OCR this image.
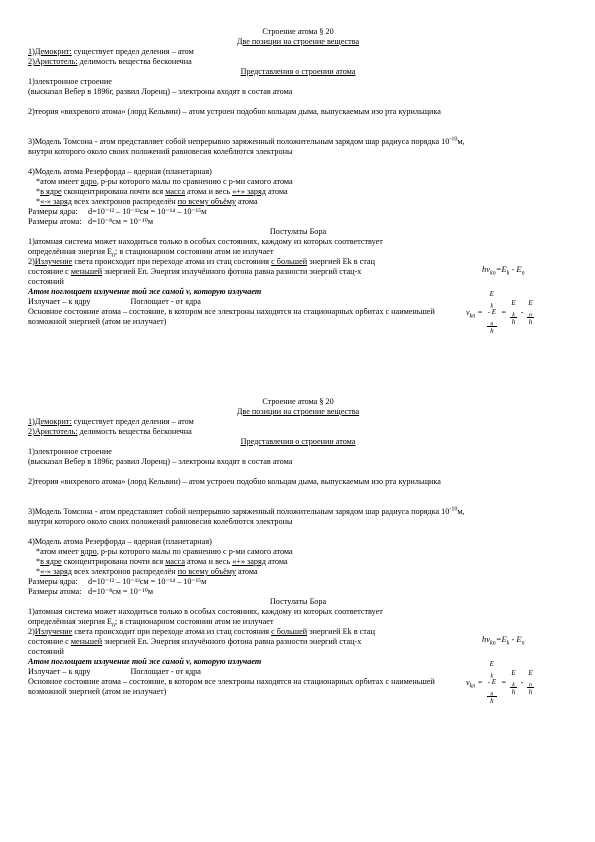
Строение атома § 20
Две позиции на строение вещества
1)Демокрит: существует предел деления – атом
2)Аристотель: делимость вещества бесконечна
Представления о строении атома
1)электронное строение
(высказал Вебер в 1896г, развил Лоренц) – электроны входят в состав атома
2)теория «вихревого атома» (лорд Кельвин) – атом устроен подобно кольцам дыма, выпускаемым изо рта курильщика
3)Модель Томсона - атом представляет собой непрерывно заряженный положительным зарядом шар радиуса порядка $10^{-10}м$,
внутри которого около своих положений равновесия колеблются электроны
4)Модель атома Резерфорда – ядерная (планетарная)
*атом имеет ядро, р-ры которого малы по сравнению с р-ми самого атома
*в ядре сконцентрирована почти вся масса атома и весь «+» заряд атома
*«-» заряд всех электронов распределён по всему объёму атома
Размеры ядра: d=10⁻¹² – 10⁻¹³см = 10⁻¹⁴ – 10⁻¹⁵м
Размеры атома: d=10⁻⁸см = 10⁻¹⁰м
Постулаты Бора
1)атомная система может находиться только в особых состояниях, каждому из которых соответствует
определённая энергия $E_n$; в стационарном состоянии атом не излучает
2)Излучение света происходит при переходе атома из стац состояния с большей энергией Ek в стац
состояние с меньшей энергией En. Энергия излучённого фотона равна разности энергий стац-х
состояний
Атом поглощает излучение той же самой ν, которую излучает
Излучает – к ядру	Поглощает - от ядра
Основное состояние атома – состояние, в котором все электроны находятся на стационарных орбитах с наименьшей
возможной энергией (атом не излучает)
$h\nu_{kn}=E_k - E_n$
$\nu_{kn} = E$
$_k$
- E
$_n$
h = E
$_k$
h - E
$_n$
h
Строение атома § 20
Две позиции на строение вещества
1)Демокрит: существует предел деления – атом
2)Аристотель: делимость вещества бесконечна
Представления о строении атома
1)электронное строение
(высказал Вебер в 1896г, развил Лоренц) – электроны входят в состав атома
2)теория «вихревого атома» (лорд Кельвин) – атом устроен подобно кольцам дыма, выпускаемым изо рта курильщика
3)Модель Томсона - атом представляет собой непрерывно заряженный положительным зарядом шар радиуса порядка $10^{-10}м$,
внутри которого около своих положений равновесия колеблются электроны
4)Модель атома Резерфорда – ядерная (планетарная)
*атом имеет ядро, р-ры которого малы по сравнению с р-ми самого атома
*в ядре сконцентрирована почти вся масса атома и весь «+» заряд атома
*«-» заряд всех электронов распределён по всему объёму атома
Размеры ядра: d=10⁻¹² – 10⁻¹³см = 10⁻¹⁴ – 10⁻¹⁵м
Размеры атома: d=10⁻⁸см = 10⁻¹⁰м
Постулаты Бора
1)атомная система может находиться только в особых состояниях, каждому из которых соответствует
определённая энергия $E_n$; в стационарном состоянии атом не излучает
2)Излучение света происходит при переходе атома из стац состояния с большей энергией Ek в стац
состояние с меньшей энергией En. Энергия излучённого фотона равна разности энергий стац-х
состояний
Атом поглощает излучение той же самой ν, которую излучает
Излучает – к ядру	Поглощает - от ядра
Основное состояние атома – состояние, в котором все электроны находятся на стационарных орбитах с наименьшей
возможной энергией (атом не излучает)
$h\nu_{kn}=E_k - E_n$
$\nu_{kn} = E$
$_k$
- E
$_n$
h = E
$_k$
h - E
$_n$
h
